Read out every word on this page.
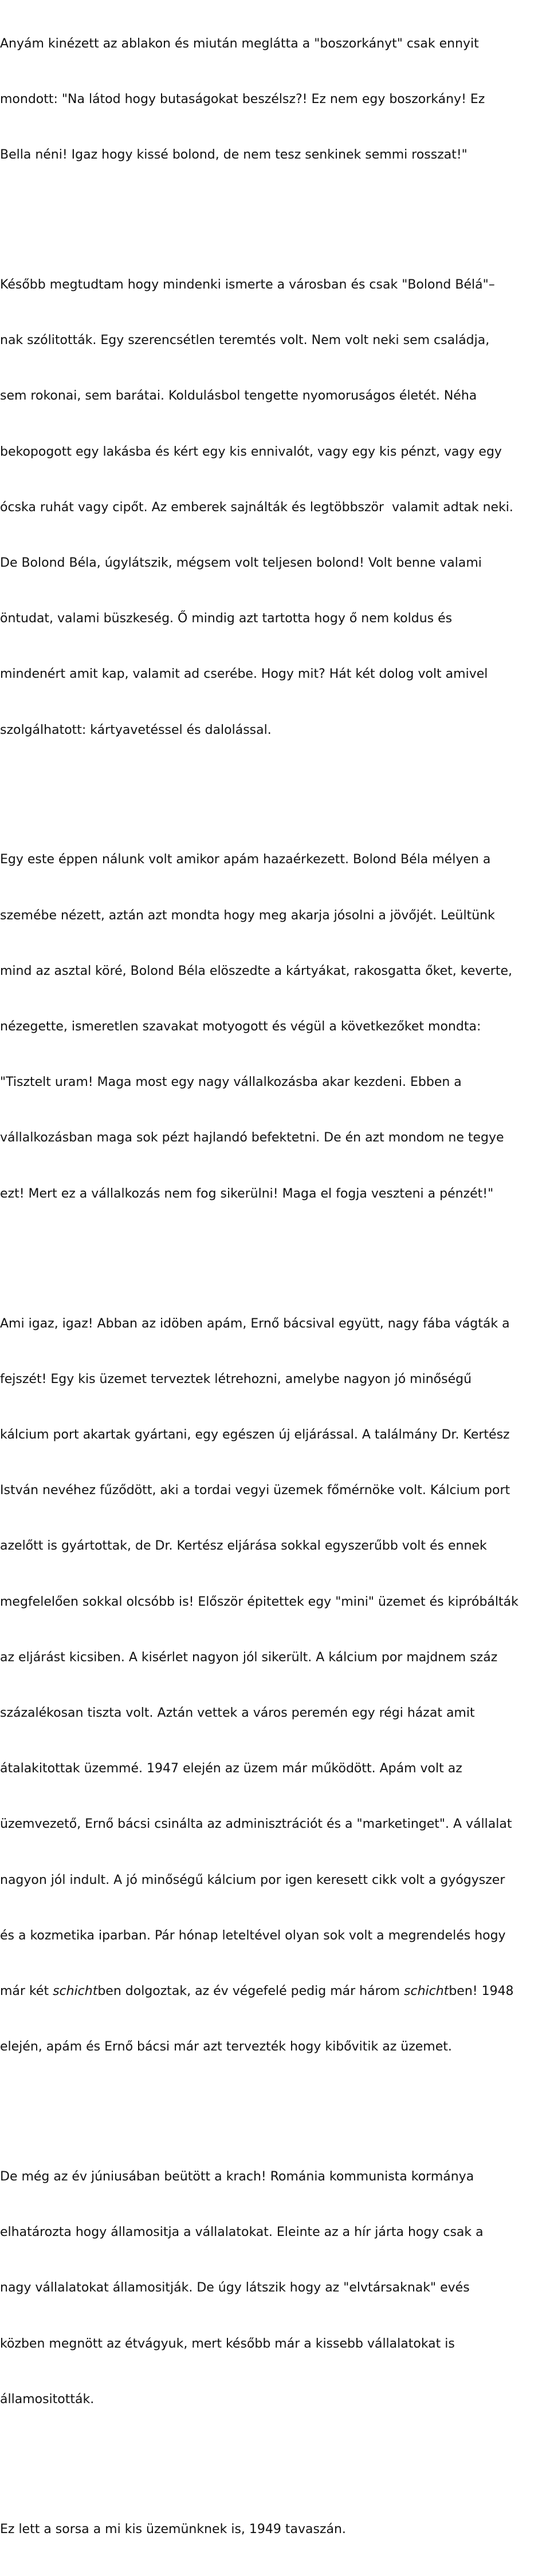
Anyám kinézett az ablakon és miután meglátta a "boszorkányt" csak ennyit

mondott: "Na látod hogy butaságokat beszélsz?! Ez nem egy boszorkány! Ez

Bella néni! Igaz hogy kissé bolond, de nem tesz senkinek semmi rosszat!"

Később megtudtam hogy mindenki ismerte a városban és csak "Bolond Bélá"–

nak szólitották. Egy szerencsétlen teremtés volt. Nem volt neki sem családja,

sem rokonai, sem barátai. Koldulásbol tengette nyomoruságos életét. Néha

bekopogott egy lakásba és kért egy kis ennivalót, vagy egy kis pénzt, vagy egy

ócska ruhát vagy cipőt. Az emberek sajnálták és legtöbbször  valamit adtak neki.

De Bolond Béla, úgylátszik, mégsem volt teljesen bolond! Volt benne valami

öntudat, valami büszkeség. Ő mindig azt tartotta hogy ő nem koldus és

mindenért amit kap, valamit ad cserébe. Hogy mit? Hát két dolog volt amivel

szolgálhatott: kártyavetéssel és dalolással.

Egy este éppen nálunk volt amikor apám hazaérkezett. Bolond Béla mélyen a

szemébe nézett, aztán azt mondta hogy meg akarja jósolni a jövőjét. Leültünk

mind az asztal köré, Bolond Béla elöszedte a kártyákat, rakosgatta őket, keverte,

nézegette, ismeretlen szavakat motyogott és végül a következőket mondta:

"Tisztelt uram! Maga most egy nagy vállalkozásba akar kezdeni. Ebben a

vállalkozásban maga sok pézt hajlandó befektetni. De én azt mondom ne tegye

ezt! Mert ez a vállalkozás nem fog sikerülni! Maga el fogja veszteni a pénzét!"

Ami igaz, igaz! Abban az idöben apám, Ernő bácsival együtt, nagy fába vágták a

fejszét! Egy kis üzemet terveztek létrehozni, amelybe nagyon jó minőségű

kálcium port akartak gyártani, egy egészen új eljárással. A találmány Dr. Kertész

István nevéhez fűződött, aki a tordai vegyi üzemek főmérnöke volt. Kálcium port

azelőtt is gyártottak, de Dr. Kertész eljárása sokkal egyszerűbb volt és ennek

megfelelően sokkal olcsóbb is! Először épitettek egy "mini" üzemet és kipróbálták

az eljárást kicsiben. A kisérlet nagyon jól sikerült. A kálcium por majdnem száz

százalékosan tiszta volt. Aztán vettek a város peremén egy régi házat amit

átalakitottak üzemmé. 1947 elején az üzem már működött. Apám volt az

üzemvezető, Ernő bácsi csinálta az adminisztrációt és a "marketinget". A vállalat

nagyon jól indult. A jó minőségű kálcium por igen keresett cikk volt a gyógyszer

és a kozmetika iparban. Pár hónap leteltével olyan sok volt a megrendelés hogy

már két schichtben dolgoztak, az év végefelé pedig már három schichtben! 1948

elején, apám és Ernő bácsi már azt tervezték hogy kibővitik az üzemet.

De még az év júniusában beütött a krach! Románia kommunista kormánya

elhatározta hogy államositja a vállalatokat. Eleinte az a hír járta hogy csak a

nagy vállalatokat államositják. De úgy látszik hogy az "elvtársaknak" evés

közben megnött az étvágyuk, mert később már a kissebb vállalatokat is

államositották.

Ez lett a sorsa a mi kis üzemünknek is, 1949 tavaszán.
